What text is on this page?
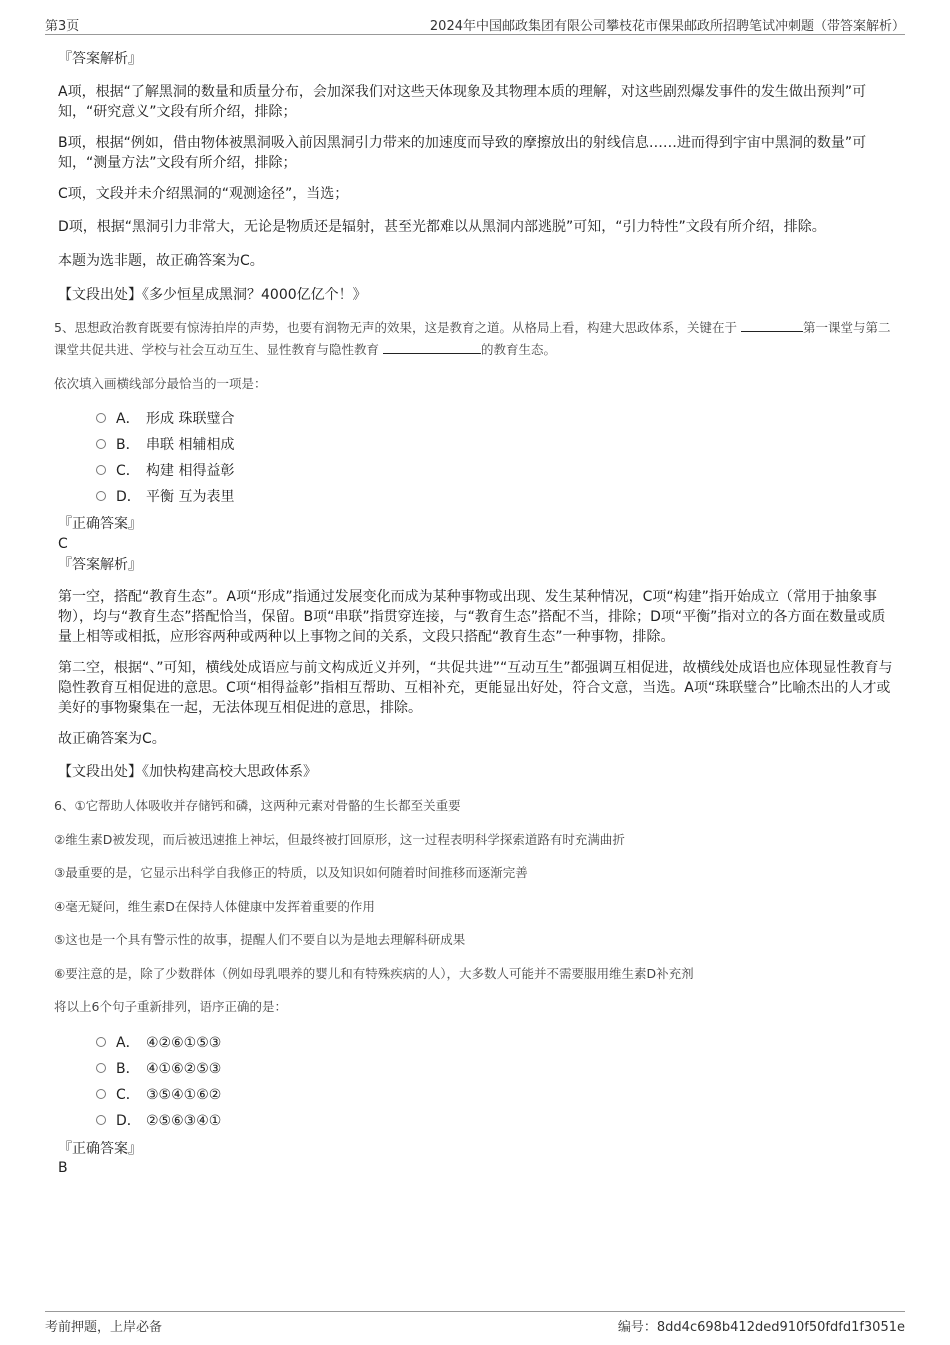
第3页	2024年中国邮政集团有限公司攀枝花市倮果邮政所招聘笔试冲刺题（带答案解析）
『答案解析』
A项，根据“了解黑洞的数量和质量分布，会加深我们对这些天体现象及其物理本质的理解，对这些剧烈爆发事件的发生做出预判”可知，“研究意义”文段有所介绍，排除；
B项，根据“例如，借由物体被黑洞吸入前因黑洞引力带来的加速度而导致的摩擦放出的射线信息……进而得到宇宙中黑洞的数量”可知，“测量方法”文段有所介绍，排除；
C项，文段并未介绍黑洞的“观测途径”，当选；
D项，根据“黑洞引力非常大，无论是物质还是辐射，甚至光都难以从黑洞内部逃脱”可知，“引力特性”文段有所介绍，排除。
本题为选非题，故正确答案为C。
【文段出处】《多少恒星成黑洞？4000亿亿个！》
5、思想政治教育既要有惊涛拍岸的声势，也要有润物无声的效果，这是教育之道。从格局上看，构建大思政体系，关键在于	第一课堂与第二课堂共促共进、学校与社会互动互生、显性教育与隐性教育	的教育生态。
依次填入画横线部分最恰当的一项是：
A． 形成 珠联璧合
B． 串联 相辅相成
C． 构建 相得益彰
D． 平衡 互为表里
『正确答案』
C
『答案解析』
第一空，搭配“教育生态”。A项“形成”指通过发展变化而成为某种事物或出现、发生某种情况，C项“构建”指开始成立（常用于抽象事物），均与“教育生态”搭配恰当，保留。B项“串联”指贯穿连接，与“教育生态”搭配不当，排除；D项“平衡”指对立的各方面在数量或质量上相等或相抵，应形容两种或两种以上事物之间的关系，文段只搭配“教育生态”一种事物，排除。
第二空，根据“、”可知，横线处成语应与前文构成近义并列，“共促共进”“互动互生”都强调互相促进，故横线处成语也应体现显性教育与隐性教育互相促进的意思。C项“相得益彰”指相互帮助、互相补充，更能显出好处，符合文意，当选。A项“珠联璧合”比喻杰出的人才或美好的事物聚集在一起，无法体现互相促进的意思，排除。
故正确答案为C。
【文段出处】《加快构建高校大思政体系》
6、①它帮助人体吸收并存储钙和磷，这两种元素对骨骼的生长都至关重要
②维生素D被发现，而后被迅速推上神坛，但最终被打回原形，这一过程表明科学探索道路有时充满曲折
③最重要的是，它显示出科学自我修正的特质，以及知识如何随着时间推移而逐渐完善
④毫无疑问，维生素D在保持人体健康中发挥着重要的作用
⑤这也是一个具有警示性的故事，提醒人们不要自以为是地去理解科研成果
⑥要注意的是，除了少数群体（例如母乳喂养的婴儿和有特殊疾病的人），大多数人可能并不需要服用维生素D补充剂
将以上6个句子重新排列，语序正确的是：
A． ④②⑥①⑤③
B． ④①⑥②⑤③
C． ③⑤④①⑥②
D． ②⑤⑥③④①
『正确答案』
B
考前押题，上岸必备	编号：8dd4c698b412ded910f50fdfd1f3051e
